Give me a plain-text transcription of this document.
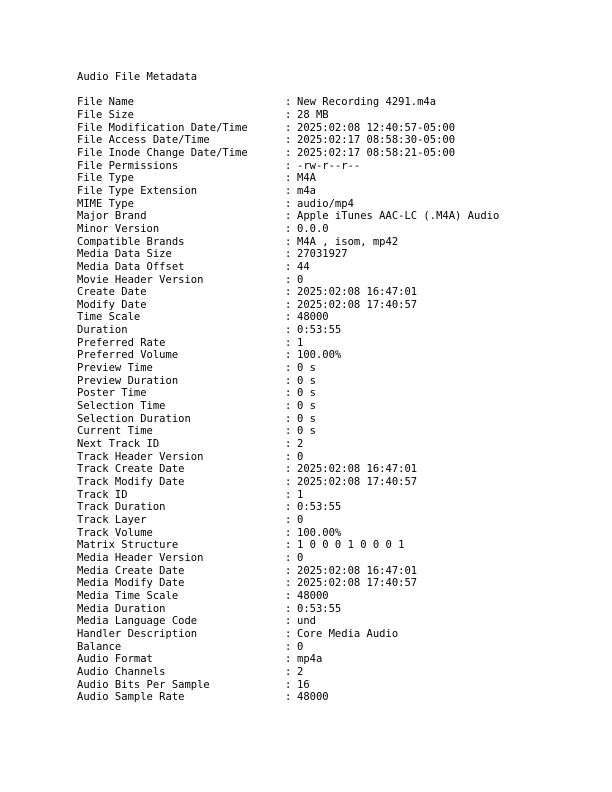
Audio File Metadata
File Name	: New Recording 4291.m4a
File Size	: 28 MB
File Modification Date/Time	: 2025:02:08 12:40:57-05:00
File Access Date/Time	: 2025:02:17 08:58:30-05:00
File Inode Change Date/Time	: 2025:02:17 08:58:21-05:00
File Permissions	: -rw-r--r--
File Type	: M4A
File Type Extension	: m4a
MIME Type	: audio/mp4
Major Brand	: Apple iTunes AAC-LC (.M4A) Audio
Minor Version	: 0.0.0
Compatible Brands	: M4A , isom, mp42
Media Data Size	: 27031927
Media Data Offset	: 44
Movie Header Version	: 0
Create Date	: 2025:02:08 16:47:01
Modify Date	: 2025:02:08 17:40:57
Time Scale	: 48000
Duration	: 0:53:55
Preferred Rate	: 1
Preferred Volume	: 100.00%
Preview Time	: 0 s
Preview Duration	: 0 s
Poster Time	: 0 s
Selection Time	: 0 s
Selection Duration	: 0 s
Current Time	: 0 s
Next Track ID	: 2
Track Header Version	: 0
Track Create Date	: 2025:02:08 16:47:01
Track Modify Date	: 2025:02:08 17:40:57
Track ID	: 1
Track Duration	: 0:53:55
Track Layer	: 0
Track Volume	: 100.00%
Matrix Structure	: 1 0 0 0 1 0 0 0 1
Media Header Version	: 0
Media Create Date	: 2025:02:08 16:47:01
Media Modify Date	: 2025:02:08 17:40:57
Media Time Scale	: 48000
Media Duration	: 0:53:55
Media Language Code	: und
Handler Description	: Core Media Audio
Balance	: 0
Audio Format	: mp4a
Audio Channels	: 2
Audio Bits Per Sample	: 16
Audio Sample Rate	: 48000
